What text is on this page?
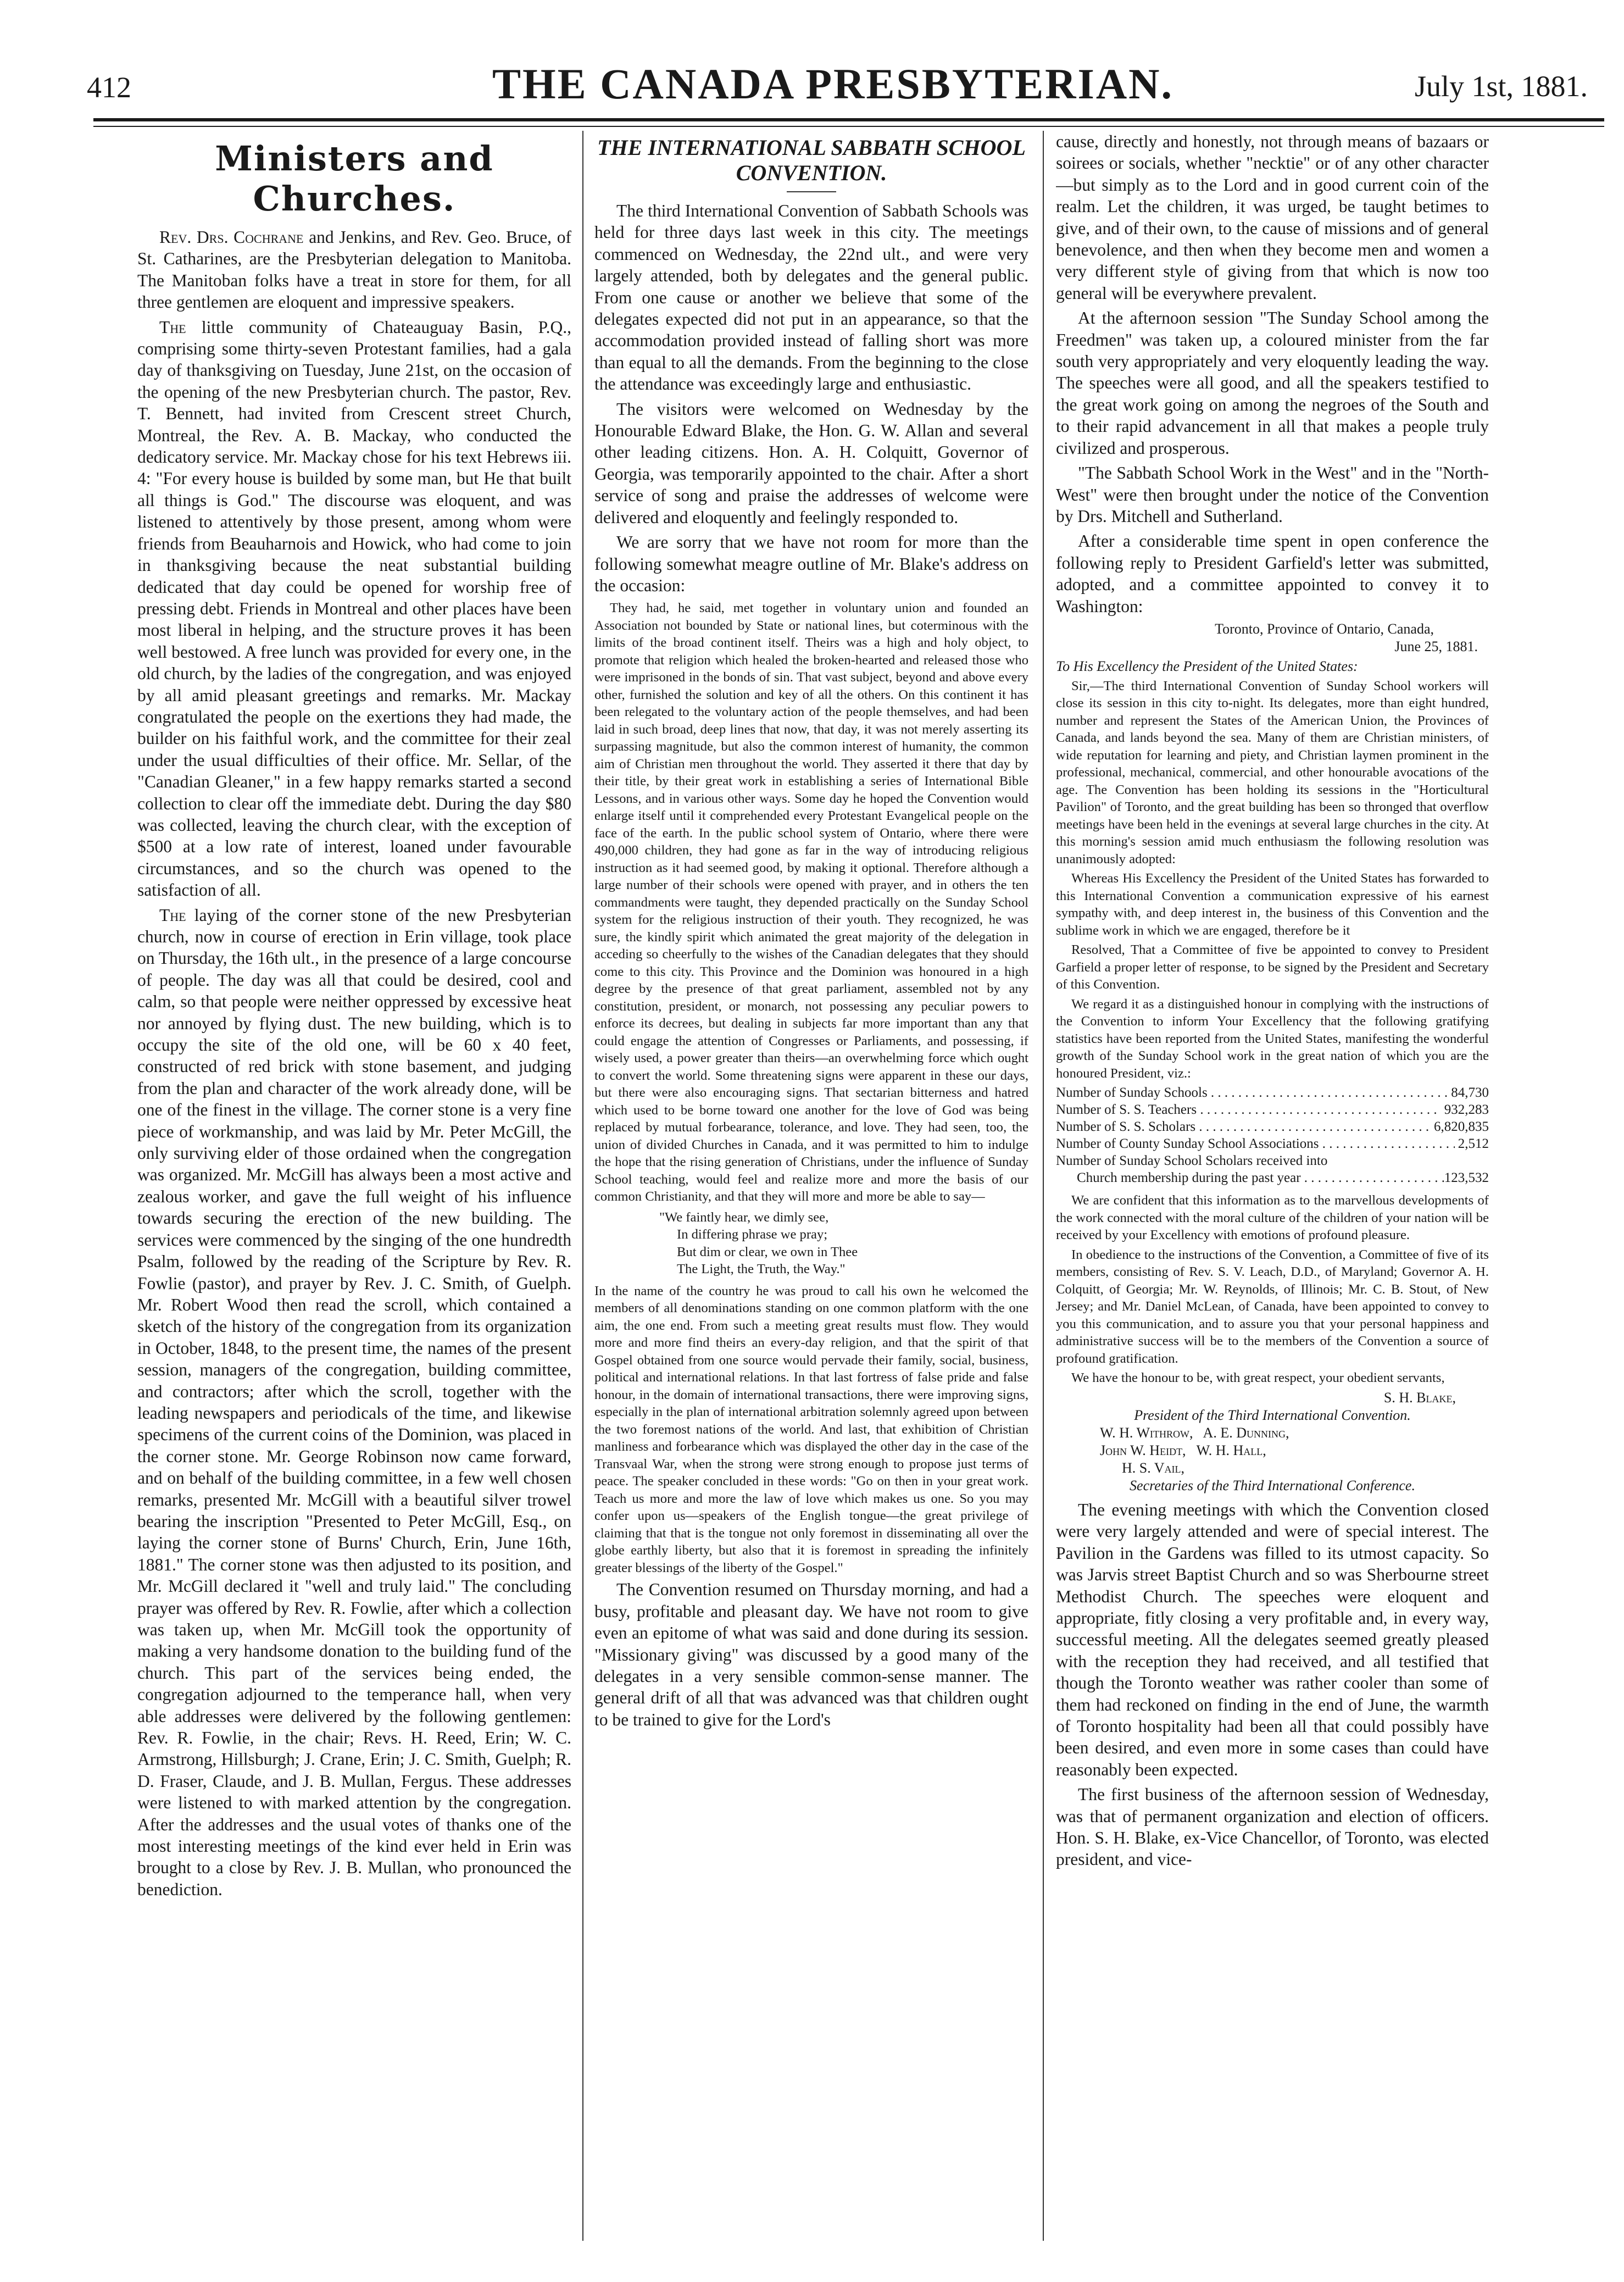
412	THE CANADA PRESBYTERIAN.	July 1st, 1881.
Ministers and Churches.

Rev. Drs. Cochrane and Jenkins, and Rev. Geo. Bruce, of St. Catharines, are the Presbyterian delegation to Manitoba. The Manitoban folks have a treat in store for them, for all three gentlemen are eloquent and impressive speakers.

The little community of Chateauguay Basin, P.Q., comprising some thirty-seven Protestant families, had a gala day of thanksgiving on Tuesday, June 21st, on the occasion of the opening of the new Presbyterian church. The pastor, Rev. T. Bennett, had invited from Crescent street Church, Montreal, the Rev. A. B. Mackay, who conducted the dedicatory service. Mr. Mackay chose for his text Hebrews iii. 4: "For every house is builded by some man, but He that built all things is God." The discourse was eloquent, and was listened to attentively by those present, among whom were friends from Beauharnois and Howick, who had come to join in thanksgiving because the neat substantial building dedicated that day could be opened for worship free of pressing debt. Friends in Montreal and other places have been most liberal in helping, and the structure proves it has been well bestowed. A free lunch was provided for every one, in the old church, by the ladies of the congregation, and was enjoyed by all amid pleasant greetings and remarks. Mr. Mackay congratulated the people on the exertions they had made, the builder on his faithful work, and the committee for their zeal under the usual difficulties of their office. Mr. Sellar, of the "Canadian Gleaner," in a few happy remarks started a second collection to clear off the immediate debt. During the day $80 was collected, leaving the church clear, with the exception of $500 at a low rate of interest, loaned under favourable circumstances, and so the church was opened to the satisfaction of all.

The laying of the corner stone of the new Presbyterian church, now in course of erection in Erin village, took place on Thursday, the 16th ult., in the presence of a large concourse of people. The day was all that could be desired, cool and calm, so that people were neither oppressed by excessive heat nor annoyed by flying dust. The new building, which is to occupy the site of the old one, will be 60 x 40 feet, constructed of red brick with stone basement, and judging from the plan and character of the work already done, will be one of the finest in the village. The corner stone is a very fine piece of workmanship, and was laid by Mr. Peter McGill, the only surviving elder of those ordained when the congregation was organized. Mr. McGill has always been a most active and zealous worker, and gave the full weight of his influence towards securing the erection of the new building. The services were commenced by the singing of the one hundredth Psalm, followed by the reading of the Scripture by Rev. R. Fowlie (pastor), and prayer by Rev. J. C. Smith, of Guelph. Mr. Robert Wood then read the scroll, which contained a sketch of the history of the congregation from its organization in October, 1848, to the present time, the names of the present session, managers of the congregation, building committee, and contractors; after which the scroll, together with the leading newspapers and periodicals of the time, and likewise specimens of the current coins of the Dominion, was placed in the corner stone. Mr. George Robinson now came forward, and on behalf of the building committee, in a few well chosen remarks, presented Mr. McGill with a beautiful silver trowel bearing the inscription "Presented to Peter McGill, Esq., on laying the corner stone of Burns' Church, Erin, June 16th, 1881." The corner stone was then adjusted to its position, and Mr. McGill declared it "well and truly laid." The concluding prayer was offered by Rev. R. Fowlie, after which a collection was taken up, when Mr. McGill took the opportunity of making a very handsome donation to the building fund of the church. This part of the services being ended, the congregation adjourned to the temperance hall, when very able addresses were delivered by the following gentlemen: Rev. R. Fowlie, in the chair; Revs. H. Reed, Erin; W. C. Armstrong, Hillsburgh; J. Crane, Erin; J. C. Smith, Guelph; R. D. Fraser, Claude, and J. B. Mullan, Fergus. These addresses were listened to with marked attention by the congregation. After the addresses and the usual votes of thanks one of the most interesting meetings of the kind ever held in Erin was brought to a close by Rev. J. B. Mullan, who pronounced the benediction.

THE INTERNATIONAL SABBATH SCHOOL CONVENTION.

The third International Convention of Sabbath Schools was held for three days last week in this city. The meetings commenced on Wednesday, the 22nd ult., and were very largely attended, both by delegates and the general public. From one cause or another we believe that some of the delegates expected did not put in an appearance, so that the accommodation provided instead of falling short was more than equal to all the demands. From the beginning to the close the attendance was exceedingly large and enthusiastic.

The visitors were welcomed on Wednesday by the Honourable Edward Blake, the Hon. G. W. Allan and several other leading citizens. Hon. A. H. Colquitt, Governor of Georgia, was temporarily appointed to the chair. After a short service of song and praise the addresses of welcome were delivered and eloquently and feelingly responded to.

We are sorry that we have not room for more than the following somewhat meagre outline of Mr. Blake's address on the occasion:

They had, he said, met together in voluntary union and founded an Association not bounded by State or national lines, but coterminous with the limits of the broad continent itself. Theirs was a high and holy object, to promote that religion which healed the broken-hearted and released those who were imprisoned in the bonds of sin. That vast subject, beyond and above every other, furnished the solution and key of all the others. On this continent it has been relegated to the voluntary action of the people themselves, and had been laid in such broad, deep lines that now, that day, it was not merely asserting its surpassing magnitude, but also the common interest of humanity, the common aim of Christian men throughout the world. They asserted it there that day by their title, by their great work in establishing a series of International Bible Lessons, and in various other ways. Some day he hoped the Convention would enlarge itself until it comprehended every Protestant Evangelical people on the face of the earth. In the public school system of Ontario, where there were 490,000 children, they had gone as far in the way of introducing religious instruction as it had seemed good, by making it optional. Therefore although a large number of their schools were opened with prayer, and in others the ten commandments were taught, they depended practically on the Sunday School system for the religious instruction of their youth. They recognized, he was sure, the kindly spirit which animated the great majority of the delegation in acceding so cheerfully to the wishes of the Canadian delegates that they should come to this city. This Province and the Dominion was honoured in a high degree by the presence of that great parliament, assembled not by any constitution, president, or monarch, not possessing any peculiar powers to enforce its decrees, but dealing in subjects far more important than any that could engage the attention of Congresses or Parliaments, and possessing, if wisely used, a power greater than theirs—an overwhelming force which ought to convert the world. Some threatening signs were apparent in these our days, but there were also encouraging signs. That sectarian bitterness and hatred which used to be borne toward one another for the love of God was being replaced by mutual forbearance, tolerance, and love. They had seen, too, the union of divided Churches in Canada, and it was permitted to him to indulge the hope that the rising generation of Christians, under the influence of Sunday School teaching, would feel and realize more and more the basis of our common Christianity, and that they will more and more be able to say—

"We faintly hear, we dimly see,
In differing phrase we pray;
But dim or clear, we own in Thee
The Light, the Truth, the Way."

In the name of the country he was proud to call his own he welcomed the members of all denominations standing on one common platform with the one aim, the one end. From such a meeting great results must flow. They would more and more find theirs an every-day religion, and that the spirit of that Gospel obtained from one source would pervade their family, social, business, political and international relations. In that last fortress of false pride and false honour, in the domain of international transactions, there were improving signs, especially in the plan of international arbitration solemnly agreed upon between the two foremost nations of the world. And last, that exhibition of Christian manliness and forbearance which was displayed the other day in the case of the Transvaal War, when the strong were strong enough to propose just terms of peace. The speaker concluded in these words: "Go on then in your great work. Teach us more and more the law of love which makes us one. So you may confer upon us—speakers of the English tongue—the great privilege of claiming that that is the tongue not only foremost in disseminating all over the globe earthly liberty, but also that it is foremost in spreading the infinitely greater blessings of the liberty of the Gospel."

The Convention resumed on Thursday morning, and had a busy, profitable and pleasant day. We have not room to give even an epitome of what was said and done during its session. "Missionary giving" was discussed by a good many of the delegates in a very sensible common-sense manner. The general drift of all that was advanced was that children ought to be trained to give for the Lord's

cause, directly and honestly, not through means of bazaars or soirees or socials, whether "necktie" or of any other character—but simply as to the Lord and in good current coin of the realm. Let the children, it was urged, be taught betimes to give, and of their own, to the cause of missions and of general benevolence, and then when they become men and women a very different style of giving from that which is now too general will be everywhere prevalent.

At the afternoon session "The Sunday School among the Freedmen" was taken up, a coloured minister from the far south very appropriately and very eloquently leading the way. The speeches were all good, and all the speakers testified to the great work going on among the negroes of the South and to their rapid advancement in all that makes a people truly civilized and prosperous.

"The Sabbath School Work in the West" and in the "North-West" were then brought under the notice of the Convention by Drs. Mitchell and Sutherland.

After a considerable time spent in open conference the following reply to President Garfield's letter was submitted, adopted, and a committee appointed to convey it to Washington:

Toronto, Province of Ontario, Canada,
June 25, 1881.
To His Excellency the President of the United States:

Sir,—The third International Convention of Sunday School workers will close its session in this city to-night. Its delegates, more than eight hundred, number and represent the States of the American Union, the Provinces of Canada, and lands beyond the sea. Many of them are Christian ministers, of wide reputation for learning and piety, and Christian laymen prominent in the professional, mechanical, commercial, and other honourable avocations of the age. The Convention has been holding its sessions in the "Horticultural Pavilion" of Toronto, and the great building has been so thronged that overflow meetings have been held in the evenings at several large churches in the city. At this morning's session amid much enthusiasm the following resolution was unanimously adopted:

Whereas His Excellency the President of the United States has forwarded to this International Convention a communication expressive of his earnest sympathy with, and deep interest in, the business of this Convention and the sublime work in which we are engaged, therefore be it

Resolved, That a Committee of five be appointed to convey to President Garfield a proper letter of response, to be signed by the President and Secretary of this Convention.

We regard it as a distinguished honour in complying with the instructions of the Convention to inform Your Excellency that the following gratifying statistics have been reported from the United States, manifesting the wonderful growth of the Sunday School work in the great nation of which you are the honoured President, viz.:

Number of Sunday Schools . . .	84,730
Number of S. S. Teachers . . .	932,283
Number of S. S. Scholars . . .	6,820,835
Number of County Sunday School Associations . . .	2,512
Number of Sunday School Scholars received into
Church membership during the past year . . .	123,532

We are confident that this information as to the marvellous developments of the work connected with the moral culture of the children of your nation will be received by your Excellency with emotions of profound pleasure.

In obedience to the instructions of the Convention, a Committee of five of its members, consisting of Rev. S. V. Leach, D.D., of Maryland; Governor A. H. Colquitt, of Georgia; Mr. W. Reynolds, of Illinois; Mr. C. B. Stout, of New Jersey; and Mr. Daniel McLean, of Canada, have been appointed to convey to you this communication, and to assure you that your personal happiness and administrative success will be to the members of the Convention a source of profound gratification.

We have the honour to be, with great respect, your obedient servants,

S. H. Blake,
President of the Third International Convention.
W. H. Withrow,   A. E. Dunning,
John W. Heidt,   W. H. Hall,
H. S. Vail,
Secretaries of the Third International Conference.

The evening meetings with which the Convention closed were very largely attended and were of special interest. The Pavilion in the Gardens was filled to its utmost capacity. So was Jarvis street Baptist Church and so was Sherbourne street Methodist Church. The speeches were eloquent and appropriate, fitly closing a very profitable and, in every way, successful meeting. All the delegates seemed greatly pleased with the reception they had received, and all testified that though the Toronto weather was rather cooler than some of them had reckoned on finding in the end of June, the warmth of Toronto hospitality had been all that could possibly have been desired, and even more in some cases than could have reasonably been expected.

The first business of the afternoon session of Wednesday, was that of permanent organization and election of officers. Hon. S. H. Blake, ex-Vice Chancellor, of Toronto, was elected president, and vice-
